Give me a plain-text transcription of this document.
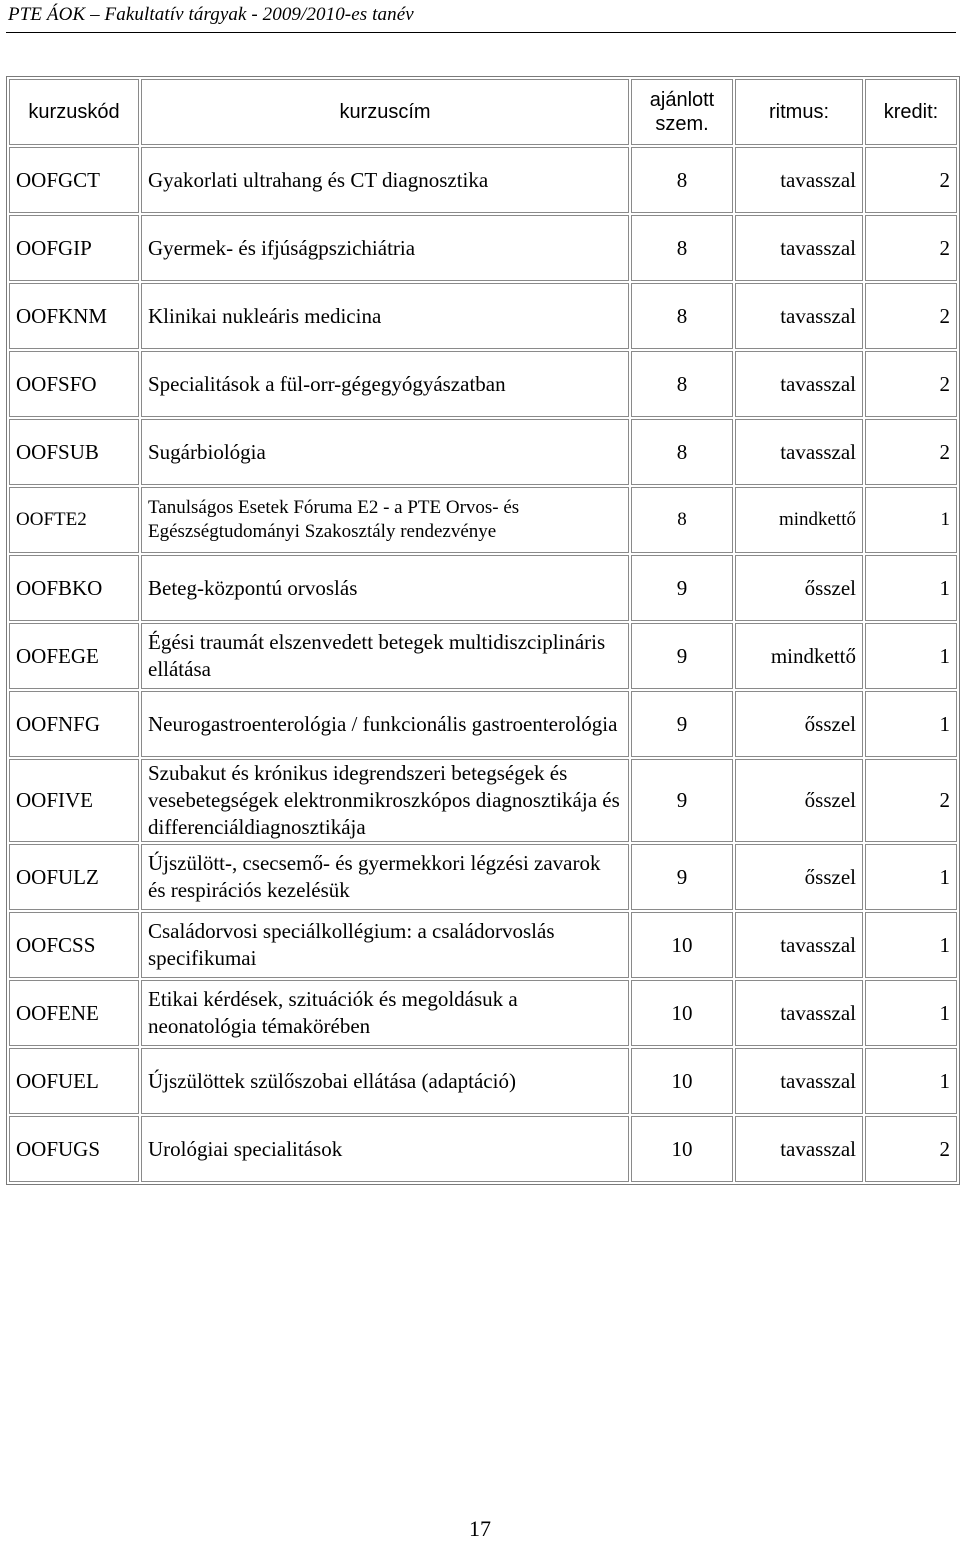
PTE ÁOK – Fakultatív tárgyak - 2009/2010-es tanév
kurzuskód	kurzuscím	ajánlott szem.	ritmus:	kredit:
OOFGCT	Gyakorlati ultrahang és CT diagnosztika	8	tavasszal	2
OOFGIP	Gyermek- és ifjúságpszichiátria	8	tavasszal	2
OOFKNM	Klinikai nukleáris medicina	8	tavasszal	2
OOFSFO	Specialitások a fül-orr-gégegyógyászatban	8	tavasszal	2
OOFSUB	Sugárbiológia	8	tavasszal	2
OOFTE2	Tanulságos Esetek Fóruma E2 - a PTE Orvos- és Egészségtudományi Szakosztály rendezvénye	8	mindkettő	1
OOFBKO	Beteg-központú orvoslás	9	ősszel	1
OOFEGE	Égési traumát elszenvedett betegek multidiszciplináris ellátása	9	mindkettő	1
OOFNFG	Neurogastroenterológia / funkcionális gastroenterológia	9	ősszel	1
OOFIVE	Szubakut és krónikus idegrendszeri betegségek és vesebetegségek elektronmikroszkópos diagnosztikája és differenciáldiagnosztikája	9	ősszel	2
OOFULZ	Újszülött-, csecsemő- és gyermekkori légzési zavarok és respirációs kezelésük	9	ősszel	1
OOFCSS	Családorvosi speciálkollégium: a családorvoslás specifikumai	10	tavasszal	1
OOFENE	Etikai kérdések, szituációk és megoldásuk a neonatológia témakörében	10	tavasszal	1
OOFUEL	Újszülöttek szülőszobai ellátása (adaptáció)	10	tavasszal	1
OOFUGS	Urológiai specialitások	10	tavasszal	2
17
